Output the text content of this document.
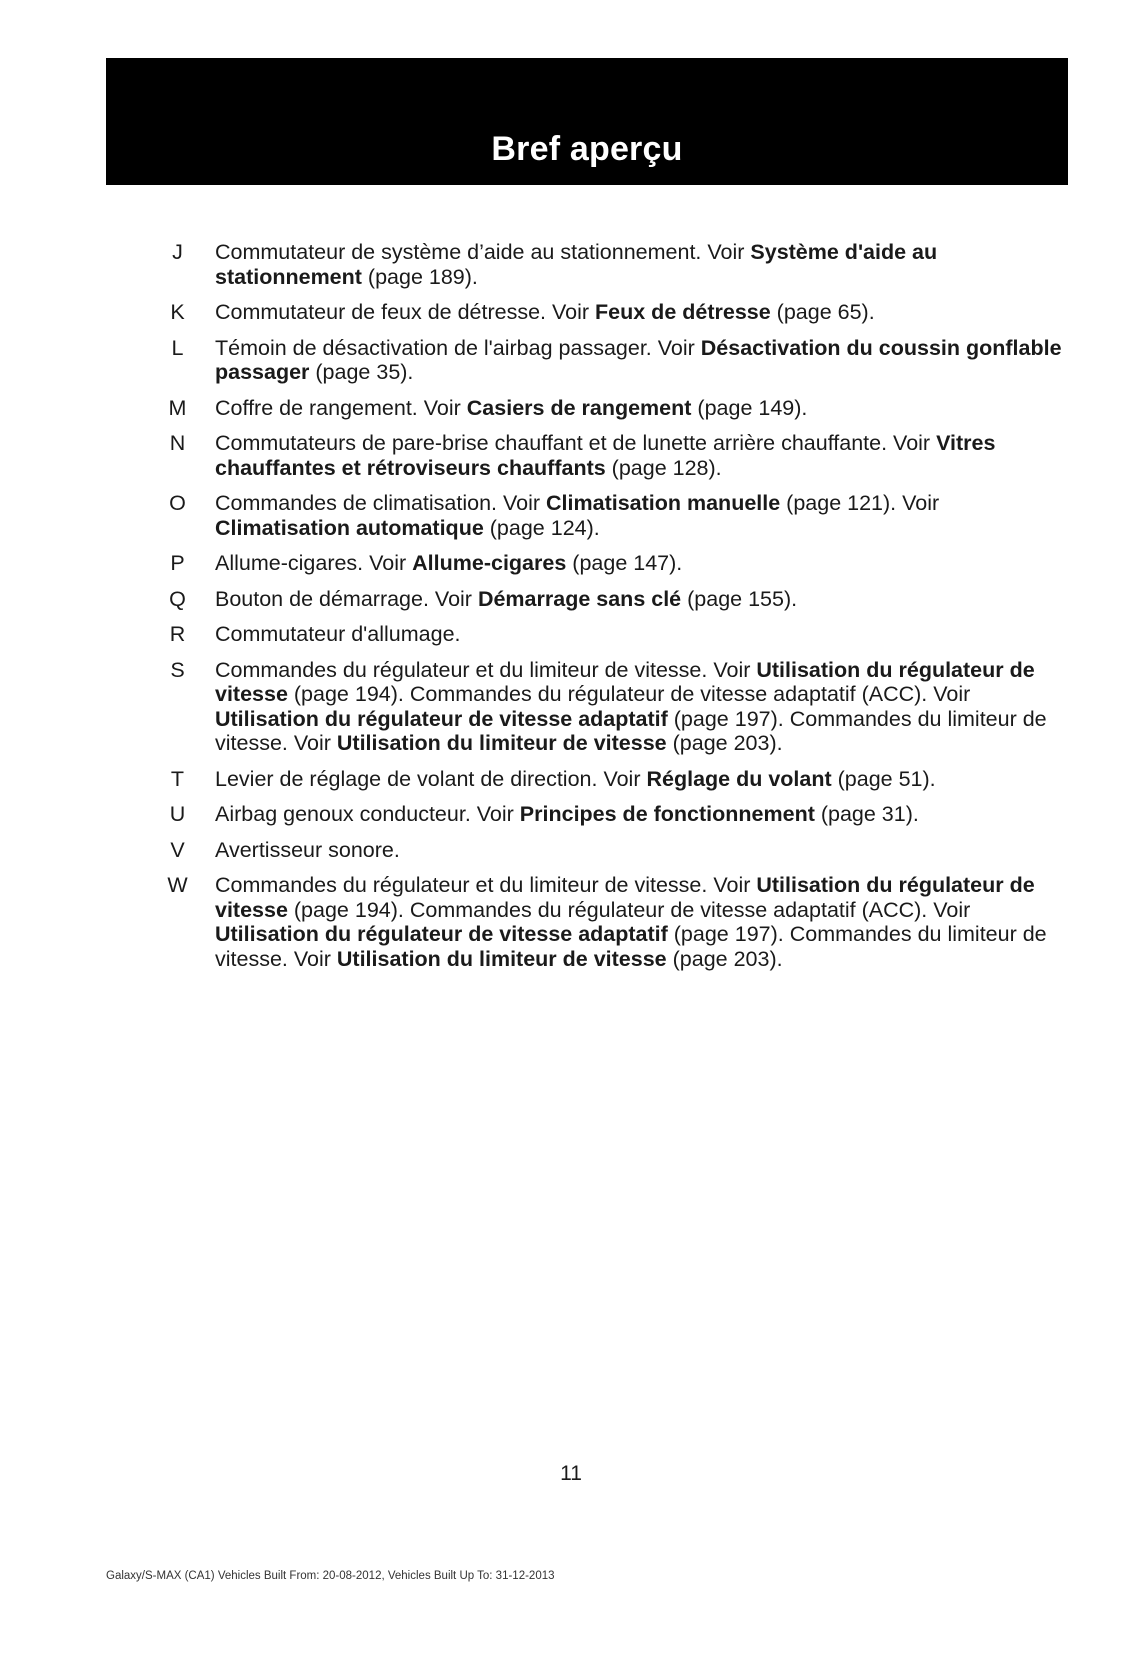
Bref aperçu
J	Commutateur de système d’aide au stationnement. Voir Système d'aide au stationnement (page 189).
K	Commutateur de feux de détresse. Voir Feux de détresse (page 65).
L	Témoin de désactivation de l'airbag passager. Voir Désactivation du coussin gonflable passager (page 35).
M	Coffre de rangement. Voir Casiers de rangement (page 149).
N	Commutateurs de pare-brise chauffant et de lunette arrière chauffante. Voir Vitres chauffantes et rétroviseurs chauffants (page 128).
O	Commandes de climatisation. Voir Climatisation manuelle (page 121). Voir Climatisation automatique (page 124).
P	Allume-cigares. Voir Allume-cigares (page 147).
Q	Bouton de démarrage. Voir Démarrage sans clé (page 155).
R	Commutateur d'allumage.
S	Commandes du régulateur et du limiteur de vitesse. Voir Utilisation du régulateur de vitesse (page 194). Commandes du régulateur de vitesse adaptatif (ACC). Voir Utilisation du régulateur de vitesse adaptatif (page 197). Commandes du limiteur de vitesse. Voir Utilisation du limiteur de vitesse (page 203).
T	Levier de réglage de volant de direction. Voir Réglage du volant (page 51).
U	Airbag genoux conducteur. Voir Principes de fonctionnement (page 31).
V	Avertisseur sonore.
W	Commandes du régulateur et du limiteur de vitesse. Voir Utilisation du régulateur de vitesse (page 194). Commandes du régulateur de vitesse adaptatif (ACC). Voir Utilisation du régulateur de vitesse adaptatif (page 197). Commandes du limiteur de vitesse. Voir Utilisation du limiteur de vitesse (page 203).
11
Galaxy/S-MAX (CA1) Vehicles Built From: 20-08-2012, Vehicles Built Up To: 31-12-2013
